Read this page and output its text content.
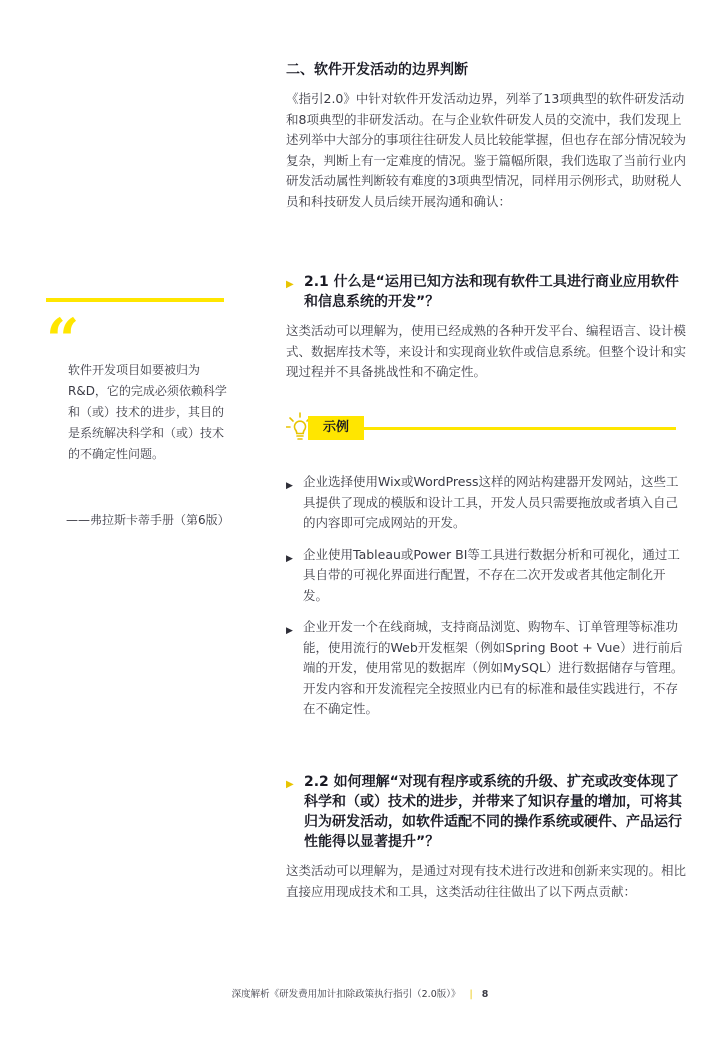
二、软件开发活动的边界判断
《指引2.0》中针对软件开发活动边界，列举了13项典型的软件研发活动和8项典型的非研发活动。在与企业软件研发人员的交流中，我们发现上述列举中大部分的事项往往研发人员比较能掌握，但也存在部分情况较为复杂，判断上有一定难度的情况。鉴于篇幅所限，我们选取了当前行业内研发活动属性判断较有难度的3项典型情况，同样用示例形式，助财税人员和科技研发人员后续开展沟通和确认：
“
软件开发项目如要被归为R&D，它的完成必须依赖科学和（或）技术的进步，其目的是系统解决科学和（或）技术的不确定性问题。
——弗拉斯卡蒂手册（第6版）
▶ 2.1 什么是“运用已知方法和现有软件工具进行商业应用软件和信息系统的开发”？
这类活动可以理解为，使用已经成熟的各种开发平台、编程语言、设计模式、数据库技术等，来设计和实现商业软件或信息系统。但整个设计和实现过程并不具备挑战性和不确定性。
示例
▶ 企业选择使用Wix或WordPress这样的网站构建器开发网站，这些工具提供了现成的模版和设计工具，开发人员只需要拖放或者填入自己的内容即可完成网站的开发。
▶ 企业使用Tableau或Power BI等工具进行数据分析和可视化，通过工具自带的可视化界面进行配置，不存在二次开发或者其他定制化开发。
▶ 企业开发一个在线商城，支持商品浏览、购物车、订单管理等标准功能，使用流行的Web开发框架（例如Spring Boot + Vue）进行前后端的开发，使用常见的数据库（例如MySQL）进行数据储存与管理。开发内容和开发流程完全按照业内已有的标准和最佳实践进行，不存在不确定性。
▶ 2.2 如何理解“对现有程序或系统的升级、扩充或改变体现了科学和（或）技术的进步，并带来了知识存量的增加，可将其归为研发活动，如软件适配不同的操作系统或硬件、产品运行性能得以显著提升”？
这类活动可以理解为，是通过对现有技术进行改进和创新来实现的。相比直接应用现成技术和工具，这类活动往往做出了以下两点贡献：
深度解析《研发费用加计扣除政策执行指引（2.0版）》 | 8
